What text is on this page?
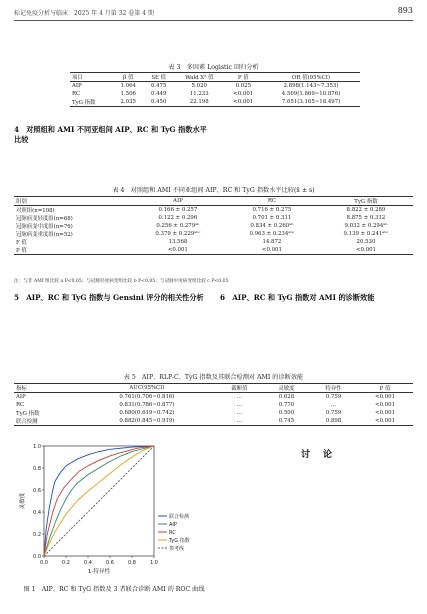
标记免疫分析与临床　2025 年 4 月第 32 卷第 4 期	893
表 3　多因素 Logistic 回归分析
项目	β 值	SE 值	Wald X² 值	P 值	OR 值(95%CI)
AIP	1.064	0.475	5.020	0.025	2.898(1.143~7.353)
RC	1.506	0.449	11.233	<0.001	4.509(1.869~10.876)
TyG 指数	2.035	0.450	22.198	<0.001	7.651(3.165~18.497)
4　对照组和 AMI 不同亚组间 AIP、RC 和 TyG 指数水平比较
表 4　对照组和 AMI 不同亚组间 AIP、RC 和 TyG 指数水平比较(x̄ ± s)
组别	AIP	RC	TyG 指数
对照组(n=108)	0.166 ± 0.257	0.716 ± 0.275	8.822 ± 0.289
冠脉病变轻度组(n=68)	0.122 ± 0.296	0.701 ± 0.311	8.875 ± 0.312
冠脉病变中度组(n=76)	0.256 ± 0.279ᵃᵇ	0.834 ± 0.260ᵃᵇ	9.032 ± 0.294ᵃᵇ
冠脉病变重度组(n=52)	0.379 ± 0.229ᵃᵇᶜ	0.963 ± 0.234ᵃᵇᶜ	9.139 ± 0.241ᵃᵇᶜ
F 值	13.568	14.872	20.530
P 值	<0.001	<0.001	<0.001
注：与非 AMI 组比较 a P<0.05；与冠脉轻度病变组比较 b P<0.05；与冠脉中度病变组比较 c P<0.05
5　AIP、RC 和 TyG 指数与 Gensini 评分的相关性分析	6　AIP、RC 和 TyG 指数对 AMI 的诊断效能
表 5　AIP、RLP-C、TyG 指数及其联合检测对 AMI 的诊断效能
指标	AUC(95%CI)	截断值	灵敏度	特异性	P 值
AIP	0.761(0.706~0.816)	…	0.628	0.759	<0.001
RC	0.831(0.786~0.877)	…	0.770	…	<0.001
TyG 指数	0.680(0.619~0.742)	…	0.500	0.759	<0.001
联合检测	0.882(0.845~0.919)	…	0.745	0.898	<0.001
0.0	0.2	0.4	0.6	0.8	1.0
0.0
0.2
0.4
0.6
0.8
1.0
1-特异性
灵敏度
联合检测
AIP
RC
TyG 指数
参考线
图 1　AIP、RC 和 TyG 指数及 3 者联合诊断 AMI 的 ROC 曲线
讨　论
